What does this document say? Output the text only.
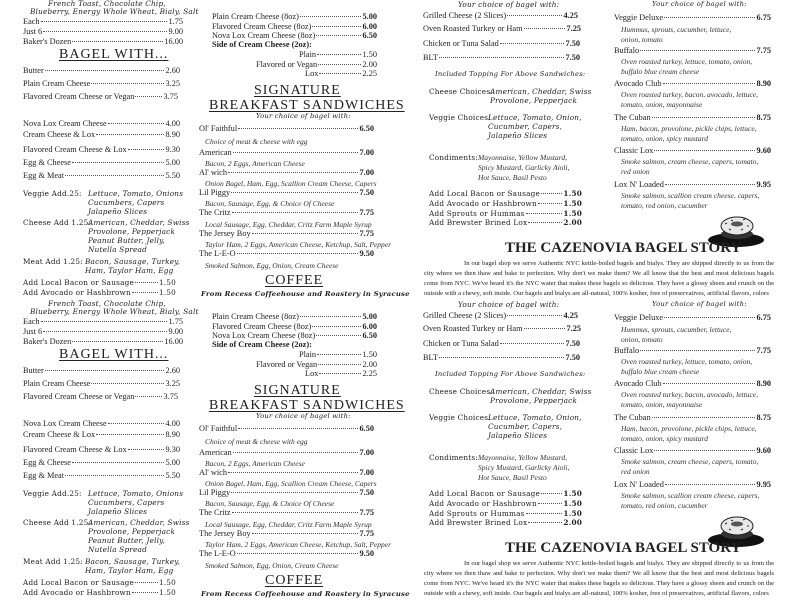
French Toast, Chocolate Chip,
Blueberry, Energy Whole Wheat, Bialy, Salt
Each	1.75
Just 6	9.00
Baker's Dozen	16.00
BAGEL WITH...
Butter	2.60
Plain Cream Cheese	3.25
Flavored Cream Cheese or Vegan	3.75
Nova Lox Cream Cheese	4.00
Cream Cheese & Lox	8.90
Flavored Cream Cheese & Lox	9.30
Egg & Cheese	5.00
Egg & Meat	5.50
Veggie Add.25: Lettuce, Tomato, Onions
Cucumbers, Capers
Jalapeño Slices
Cheese Add 1.25:
American, Cheddar, Swiss
Provolone, Pepperjack
Peanut Butter, Jelly,
Nutella Spread
Meat Add 1.25: Bacon, Sausage, Turkey,
Ham, Taylor Ham, Egg
Add Local Bacon or Sausage	1.50
Add Avocado or Hashbrown	1.50
Plain Cream Cheese (8oz)	5.00
Flavored Cream Cheese (8oz)	6.00
Nova Lox Cream Cheese (8oz)	6.50
Side of Cream Cheese (2oz):
Plain	1.50
Flavored or Vegan	2.00
Lox	2.25
SIGNATURE
BREAKFAST SANDWICHES
Your choice of bagel with:
Ol' Faithful	6.50
Choice of meat & cheese with egg
American	7.00
Bacon, 2 Eggs, American Cheese
Al' wich	7.00
Onion Bagel, Ham, Egg, Scallion Cream Cheese, Capers
Lil Piggy	7.50
Bacon, Sausage, Egg, & Choice Of Cheese
The Critz	7.75
Local Sausage, Egg, Cheddar, Critz Farm Maple Syrup
The Jersey Boy	7.75
Taylor Ham, 2 Eggs, American Cheese, Ketchup, Salt, Pepper
The L-E-O	9.50
Smoked Salmon, Egg, Onion, Cream Cheese
COFFEE
From Recess Coffeehouse and Roastery in Syracuse
Your choice of bagel with:
Grilled Cheese (2 Slices)	4.25
Oven Roasted Turkey or Ham	7.25
Chicken or Tuna Salad	7.50
BLT	7.50
Included Topping For Above Sandwiches:
Cheese Choices:
American, Cheddar, Swiss
Provolone, Pepperjack
Veggie Choices:
Lettuce, Tomato, Onion,
Cucumber, Capers,
Jalapeño Slices
Condiments: Mayonnaise, Yellow Mustard,
Spicy Mustard, Garlicky Aioli,
Hot Sauce, Basil Pesto
Add Local Bacon or Sausage	1.50
Add Avocado or Hashbrown	1.50
Add Sprouts or Hummas	1.50
Add Brewster Brined Lox	2.00
Your choice of bagel with:
Veggie Deluxe	6.75
Hummus, sprouts, cucumber, lettuce,
onion, tomato
Buffalo	7.75
Oven roasted turkey, lettuce, tomato, onion,
buffalo blue cream cheese
Avocado Club	8.90
Oven roasted turkey, bacon, avocado, lettuce,
tomato, onion, mayonnaise
The Cuban	8.75
Ham, bacon, provolone, pickle chips, lettuce,
tomato, onion, spicy mustard
Classic Lox	9.60
Smoke salmon, cream cheese, capers, tomato,
red onion
Lox N' Loaded	9.95
Smoke salmon, scallion cream cheese, capers,
tomato, red onion, cucumber
THE CAZENOVIA BAGEL STORY
In our bagel shop we serve Authentic NYC kettle-boiled bagels and bialys. They are shipped directly to us from the city where we then thaw and bake to perfection. Why don't we make them? We all know that the best and most delicious bagels come from NYC. We've heard it's the NYC water that makes these bagels so delicious. They have a glossy sheen and crunch on the outside with a chewy, soft inside. Our bagels and bialys are all-natural, 100% kosher, free of preservatives, artificial flavors, colors
French Toast, Chocolate Chip,
Blueberry, Energy Whole Wheat, Bialy, Salt
Each	1.75
Just 6	9.00
Baker's Dozen	16.00
BAGEL WITH...
Butter	2.60
Plain Cream Cheese	3.25
Flavored Cream Cheese or Vegan	3.75
Nova Lox Cream Cheese	4.00
Cream Cheese & Lox	8.90
Flavored Cream Cheese & Lox	9.30
Egg & Cheese	5.00
Egg & Meat	5.50
Veggie Add.25: Lettuce, Tomato, Onions
Cucumbers, Capers
Jalapeño Slices
Cheese Add 1.25:
American, Cheddar, Swiss
Provolone, Pepperjack
Peanut Butter, Jelly,
Nutella Spread
Meat Add 1.25: Bacon, Sausage, Turkey,
Ham, Taylor Ham, Egg
Add Local Bacon or Sausage	1.50
Add Avocado or Hashbrown	1.50
Plain Cream Cheese (8oz)	5.00
Flavored Cream Cheese (8oz)	6.00
Nova Lox Cream Cheese (8oz)	6.50
Side of Cream Cheese (2oz):
Plain	1.50
Flavored or Vegan	2.00
Lox	2.25
SIGNATURE
BREAKFAST SANDWICHES
Your choice of bagel with:
Ol' Faithful	6.50
Choice of meat & cheese with egg
American	7.00
Bacon, 2 Eggs, American Cheese
Al' wich	7.00
Onion Bagel, Ham, Egg, Scallion Cream Cheese, Capers
Lil Piggy	7.50
Bacon, Sausage, Egg, & Choice Of Cheese
The Critz	7.75
Local Sausage, Egg, Cheddar, Critz Farm Maple Syrup
The Jersey Boy	7.75
Taylor Ham, 2 Eggs, American Cheese, Ketchup, Salt, Pepper
The L-E-O	9.50
Smoked Salmon, Egg, Onion, Cream Cheese
COFFEE
From Recess Coffeehouse and Roastery in Syracuse
Your choice of bagel with:
Grilled Cheese (2 Slices)	4.25
Oven Roasted Turkey or Ham	7.25
Chicken or Tuna Salad	7.50
BLT	7.50
Included Topping For Above Sandwiches:
Cheese Choices:
American, Cheddar, Swiss
Provolone, Pepperjack
Veggie Choices:
Lettuce, Tomato, Onion,
Cucumber, Capers,
Jalapeño Slices
Condiments: Mayonnaise, Yellow Mustard,
Spicy Mustard, Garlicky Aioli,
Hot Sauce, Basil Pesto
Add Local Bacon or Sausage	1.50
Add Avocado or Hashbrown	1.50
Add Sprouts or Hummas	1.50
Add Brewster Brined Lox	2.00
Your choice of bagel with:
Veggie Deluxe	6.75
Hummus, sprouts, cucumber, lettuce,
onion, tomato
Buffalo	7.75
Oven roasted turkey, lettuce, tomato, onion,
buffalo blue cream cheese
Avocado Club	8.90
Oven roasted turkey, bacon, avocado, lettuce,
tomato, onion, mayonnaise
The Cuban	8.75
Ham, bacon, provolone, pickle chips, lettuce,
tomato, onion, spicy mustard
Classic Lox	9.60
Smoke salmon, cream cheese, capers, tomato,
red onion
Lox N' Loaded	9.95
Smoke salmon, scallion cream cheese, capers,
tomato, red onion, cucumber
THE CAZENOVIA BAGEL STORY
In our bagel shop we serve Authentic NYC kettle-boiled bagels and bialys. They are shipped directly to us from the city where we then thaw and bake to perfection. Why don't we make them? We all know that the best and most delicious bagels come from NYC. We've heard it's the NYC water that makes these bagels so delicious. They have a glossy sheen and crunch on the outside with a chewy, soft inside. Our bagels and bialys are all-natural, 100% kosher, free of preservatives, artificial flavors, colors
